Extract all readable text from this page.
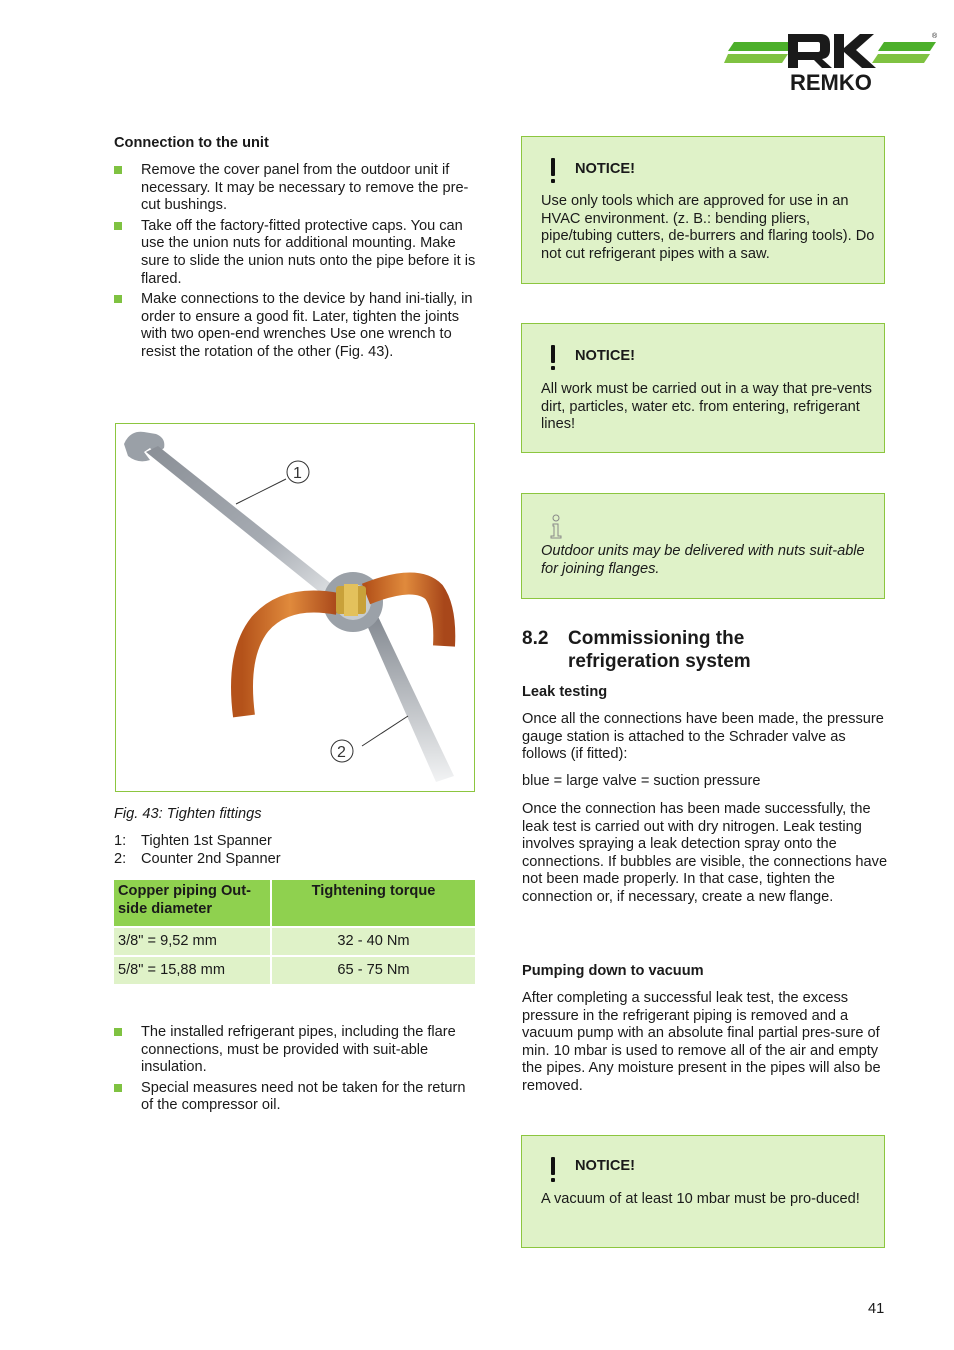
®
REMKO
Connection to the unit
Remove the cover panel from the outdoor unit if necessary. It may be necessary to remove the pre-cut bushings.
Take off the factory-fitted protective caps. You can use the union nuts for additional mounting. Make sure to slide the union nuts onto the pipe before it is flared.
Make connections to the device by hand ini-tially, in order to ensure a good fit. Later, tighten the joints with two open-end wrenches Use one wrench to resist the rotation of the other (Fig. 43).
1
2
Fig. 43: Tighten fittings
1:	Tighten 1st Spanner
2:	Counter 2nd Spanner
Copper piping Out-side diameter	Tightening torque
3/8" = 9,52 mm	32 - 40 Nm
5/8" = 15,88 mm	65 - 75 Nm
The installed refrigerant pipes, including the flare connections, must be provided with suit-able insulation.
Special measures need not be taken for the return of the compressor oil.
NOTICE!
Use only tools which are approved for use in an HVAC environment. (z. B.: bending pliers, pipe/tubing cutters, de-burrers and flaring tools). Do not cut refrigerant pipes with a saw.
NOTICE!
All work must be carried out in a way that pre-vents dirt, particles, water etc. from entering, refrigerant lines!
Outdoor units may be delivered with nuts suit-able for joining flanges.
8.2 Commissioning the refrigeration system
Leak testing

Once all the connections have been made, the pressure gauge station is attached to the Schrader valve as follows (if fitted):

blue = large valve = suction pressure

Once the connection has been made successfully, the leak test is carried out with dry nitrogen. Leak testing involves spraying a leak detection spray onto the connections. If bubbles are visible, the connections have not been made properly. In that case, tighten the connection or, if necessary, create a new flange.

Pumping down to vacuum

After completing a successful leak test, the excess pressure in the refrigerant piping is removed and a vacuum pump with an absolute final partial pres-sure of min. 10 mbar is used to remove all of the air and empty the pipes. Any moisture present in the pipes will also be removed.

NOTICE!
A vacuum of at least 10 mbar must be pro-duced!
41
